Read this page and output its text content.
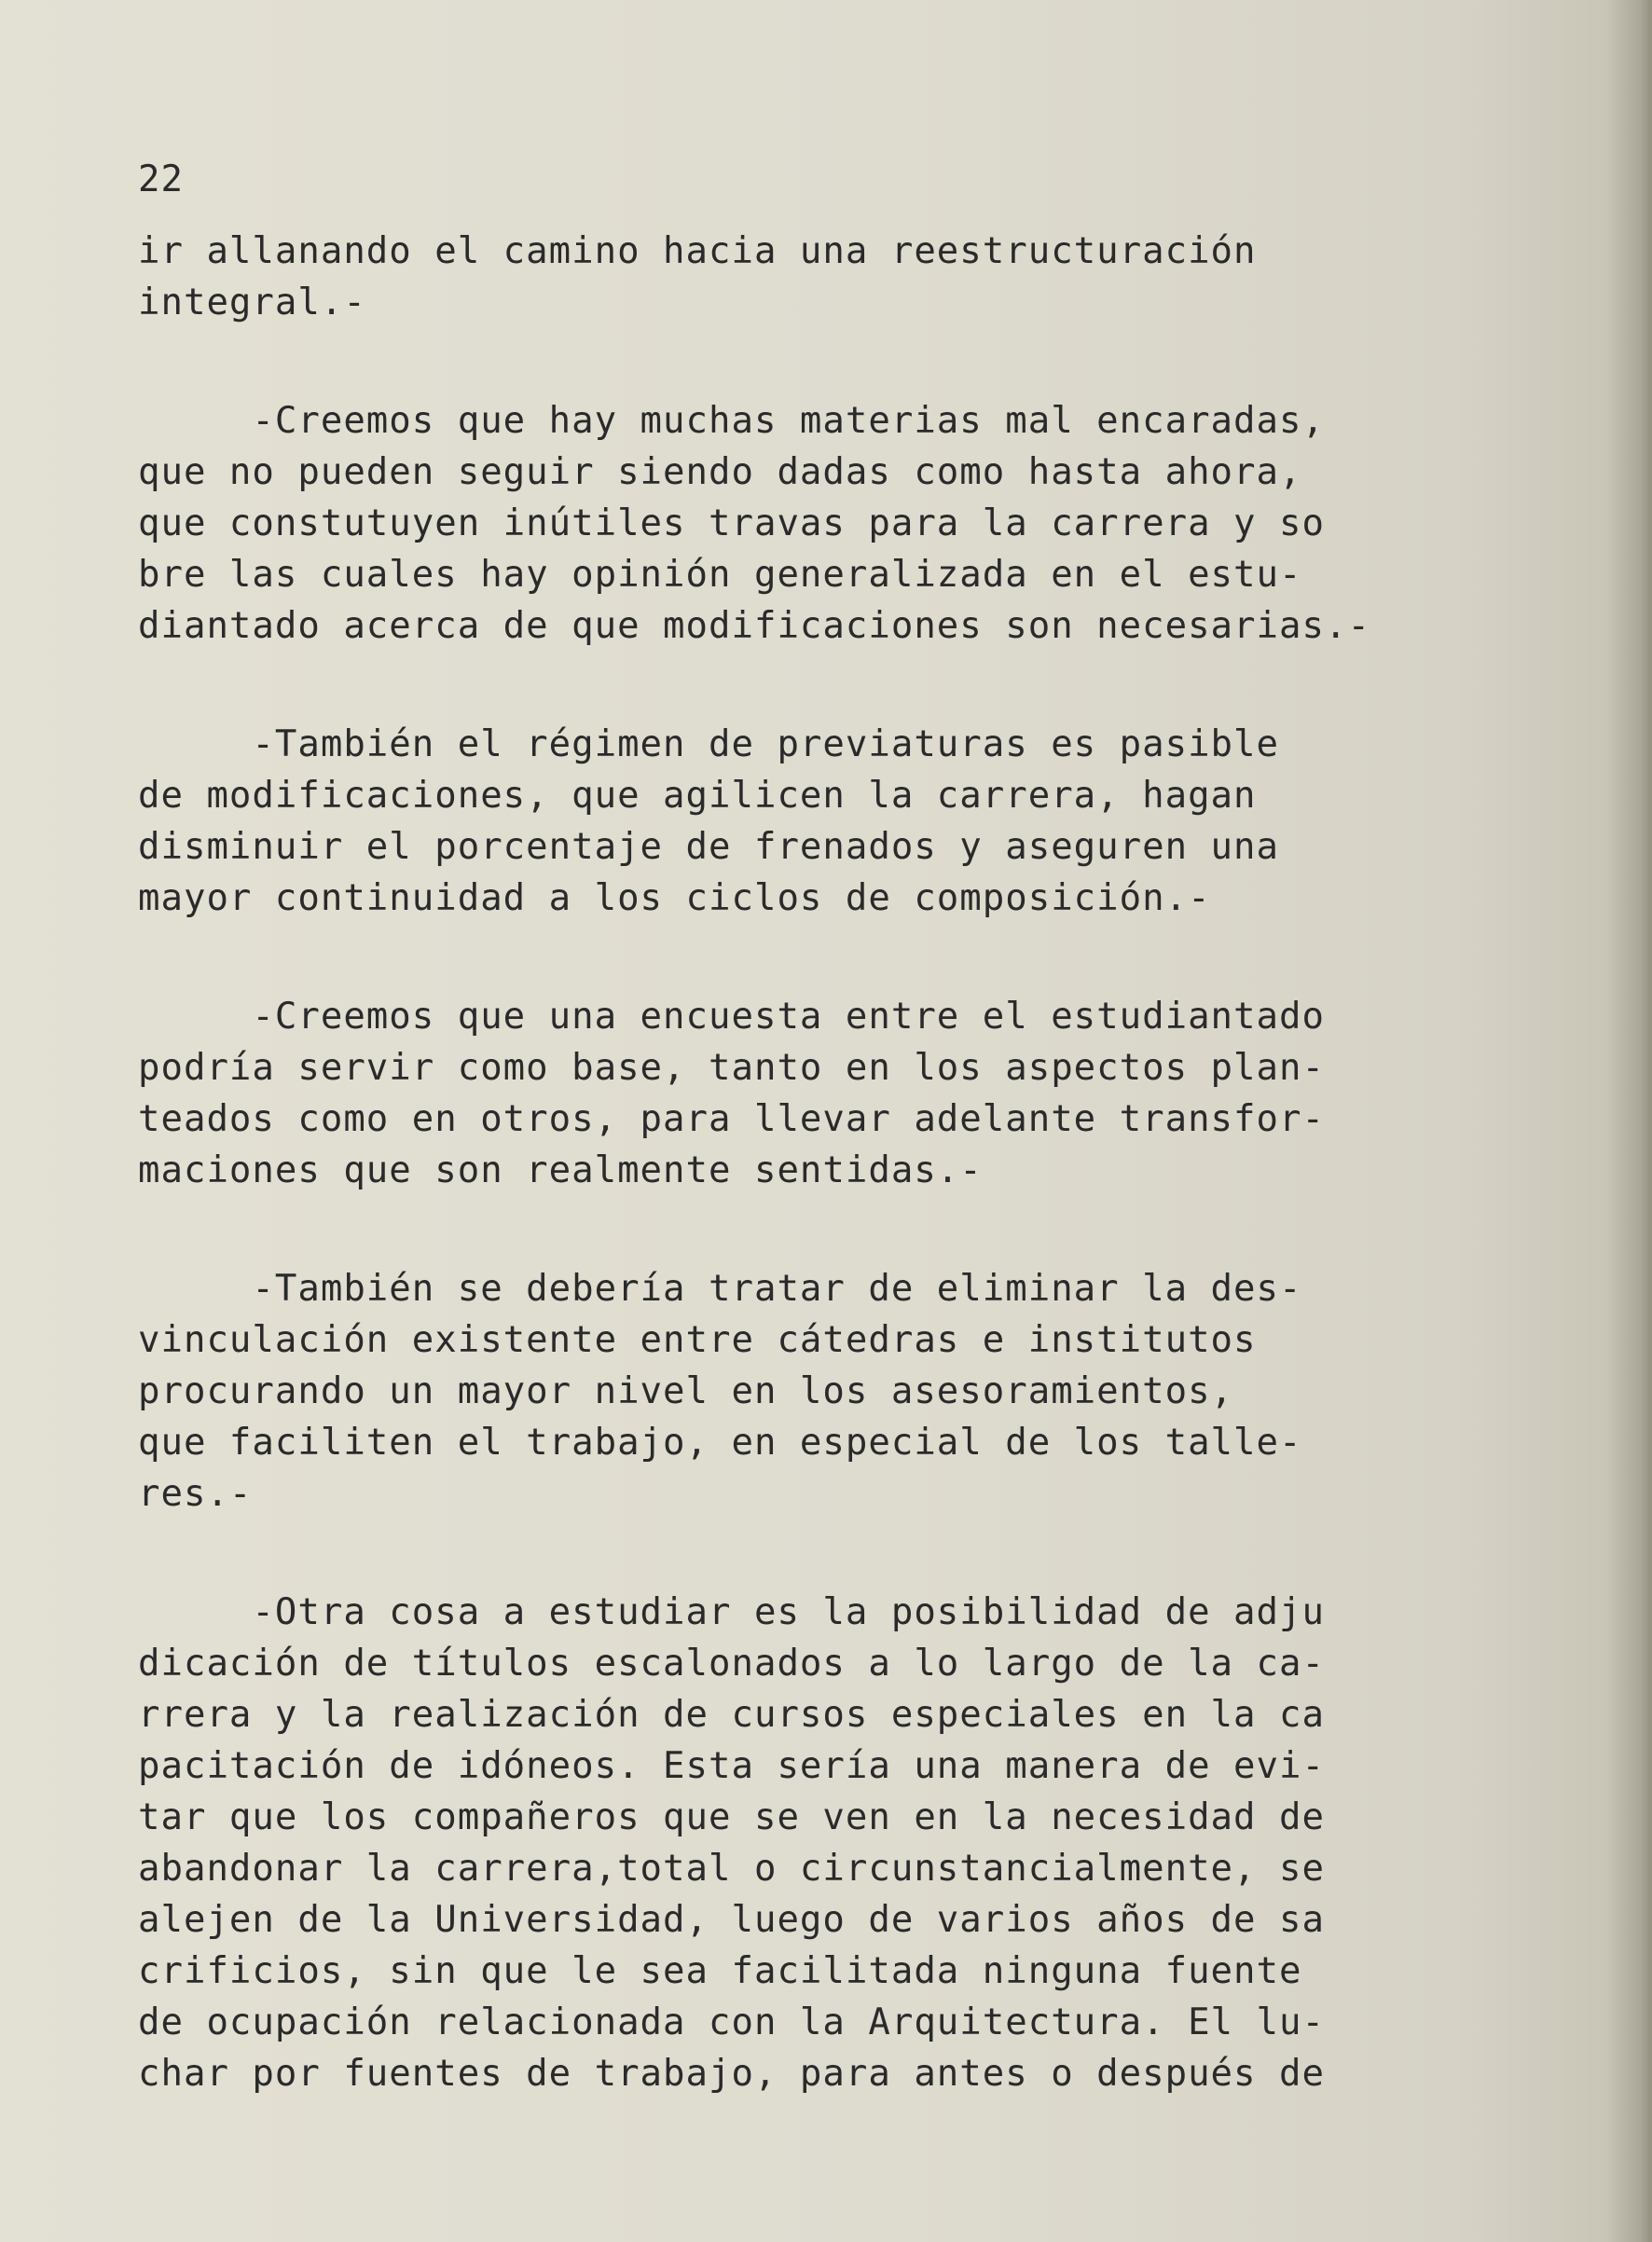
22
ir allanando el camino hacia una reestructuración
integral.-
-Creemos que hay muchas materias mal encaradas,
que no pueden seguir siendo dadas como hasta ahora,
que constutuyen inútiles travas para la carrera y so
bre las cuales hay opinión generalizada en el estu-
diantado acerca de que modificaciones son necesarias.-
-También el régimen de previaturas es pasible
de modificaciones, que agilicen la carrera, hagan
disminuir el porcentaje de frenados y aseguren una
mayor continuidad a los ciclos de composición.-
-Creemos que una encuesta entre el estudiantado
podría servir como base, tanto en los aspectos plan-
teados como en otros, para llevar adelante transfor-
maciones que son realmente sentidas.-
-También se debería tratar de eliminar la des-
vinculación existente entre cátedras e institutos
procurando un mayor nivel en los asesoramientos,
que faciliten el trabajo, en especial de los talle-
res.-
-Otra cosa a estudiar es la posibilidad de adju
dicación de títulos escalonados a lo largo de la ca-
rrera y la realización de cursos especiales en la ca
pacitación de idóneos. Esta sería una manera de evi-
tar que los compañeros que se ven en la necesidad de
abandonar la carrera,total o circunstancialmente, se
alejen de la Universidad, luego de varios años de sa
crificios, sin que le sea facilitada ninguna fuente
de ocupación relacionada con la Arquitectura. El lu-
char por fuentes de trabajo, para antes o después de
